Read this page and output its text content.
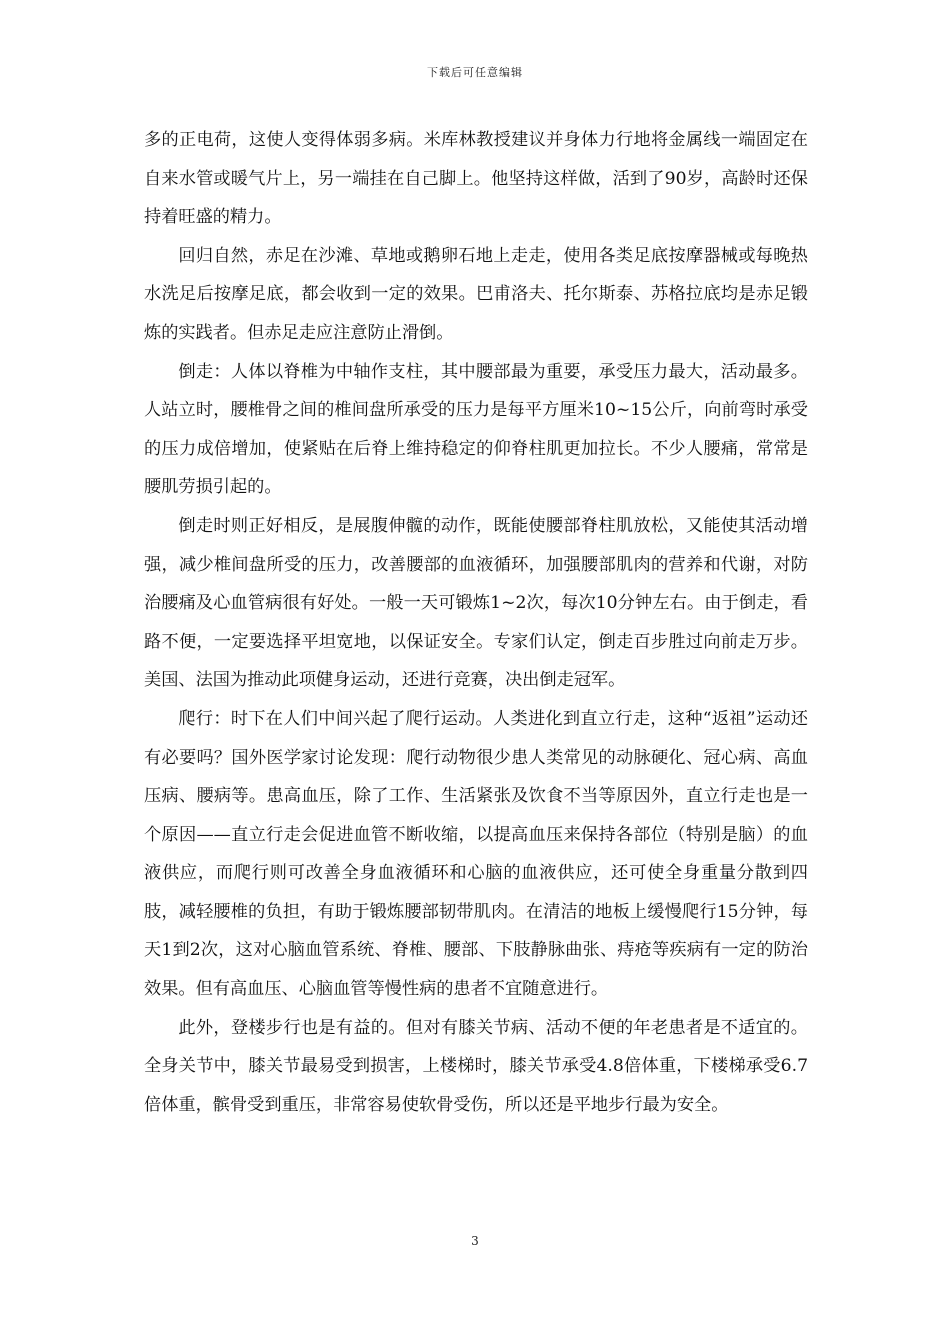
下载后可任意编辑

多的正电荷，这使人变得体弱多病。米库林教授建议并身体力行地将金属线一端固定在自来水管或暖气片上，另一端挂在自己脚上。他坚持这样做，活到了90岁，高龄时还保持着旺盛的精力。

回归自然，赤足在沙滩、草地或鹅卵石地上走走，使用各类足底按摩器械或每晚热水洗足后按摩足底，都会收到一定的效果。巴甫洛夫、托尔斯泰、苏格拉底均是赤足锻炼的实践者。但赤足走应注意防止滑倒。

倒走：人体以脊椎为中轴作支柱，其中腰部最为重要，承受压力最大，活动最多。人站立时，腰椎骨之间的椎间盘所承受的压力是每平方厘米10~15公斤，向前弯时承受的压力成倍增加，使紧贴在后脊上维持稳定的仰脊柱肌更加拉长。不少人腰痛，常常是腰肌劳损引起的。

倒走时则正好相反，是展腹伸髋的动作，既能使腰部脊柱肌放松，又能使其活动增强，减少椎间盘所受的压力，改善腰部的血液循环，加强腰部肌肉的营养和代谢，对防治腰痛及心血管病很有好处。一般一天可锻炼1~2次，每次10分钟左右。由于倒走，看路不便，一定要选择平坦宽地，以保证安全。专家们认定，倒走百步胜过向前走万步。美国、法国为推动此项健身运动，还进行竞赛，决出倒走冠军。

爬行：时下在人们中间兴起了爬行运动。人类进化到直立行走，这种“返祖”运动还有必要吗？国外医学家讨论发现：爬行动物很少患人类常见的动脉硬化、冠心病、高血压病、腰病等。患高血压，除了工作、生活紧张及饮食不当等原因外，直立行走也是一个原因——直立行走会促进血管不断收缩，以提高血压来保持各部位（特别是脑）的血液供应，而爬行则可改善全身血液循环和心脑的血液供应，还可使全身重量分散到四肢，减轻腰椎的负担，有助于锻炼腰部韧带肌肉。在清洁的地板上缓慢爬行15分钟，每天1到2次，这对心脑血管系统、脊椎、腰部、下肢静脉曲张、痔疮等疾病有一定的防治效果。但有高血压、心脑血管等慢性病的患者不宜随意进行。

此外，登楼步行也是有益的。但对有膝关节病、活动不便的年老患者是不适宜的。全身关节中，膝关节最易受到损害，上楼梯时，膝关节承受4.8倍体重，下楼梯承受6.7倍体重，髌骨受到重压，非常容易使软骨受伤，所以还是平地步行最为安全。

3
